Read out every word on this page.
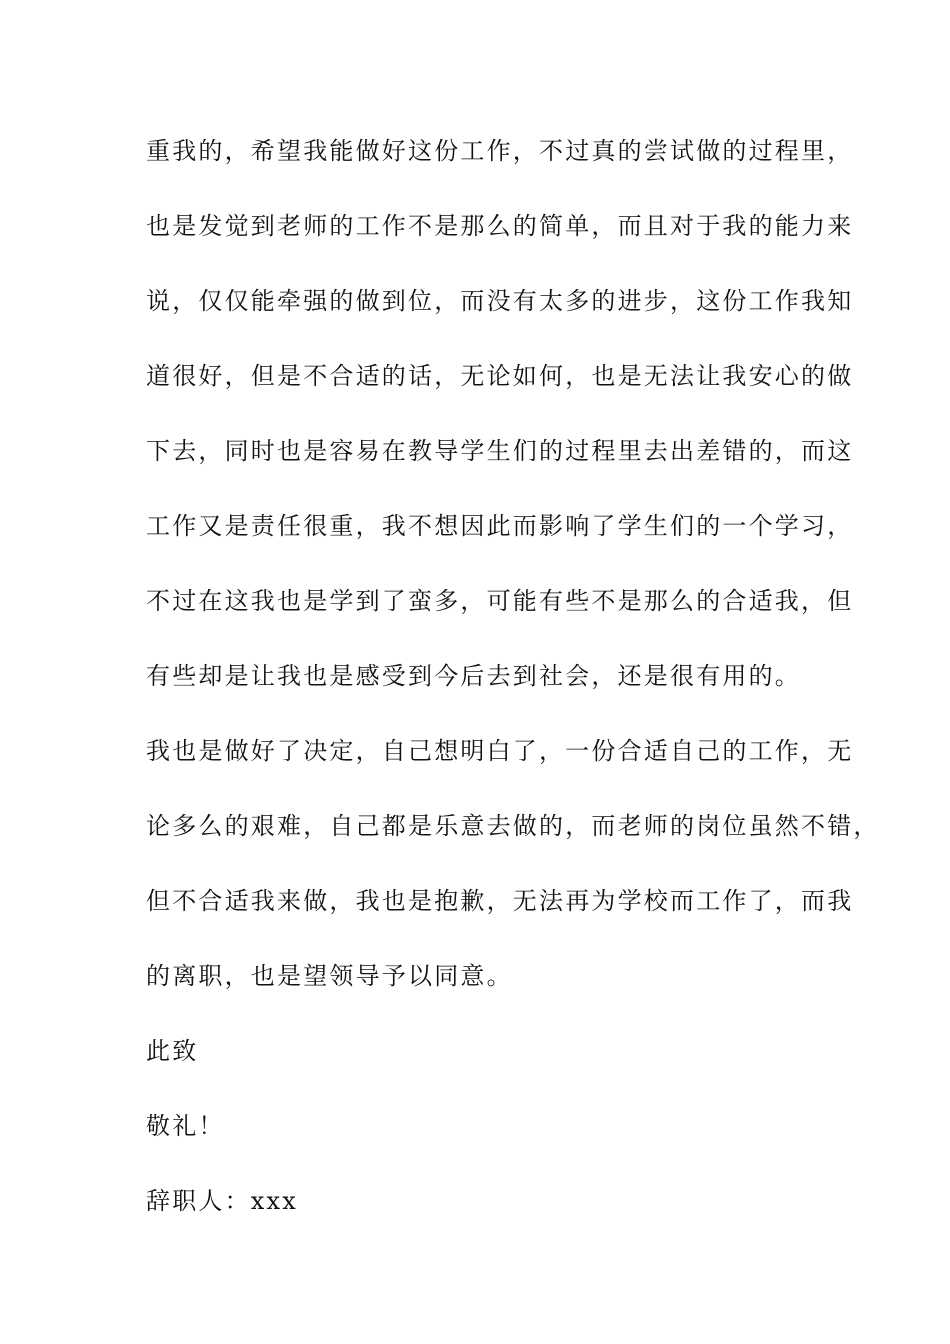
重我的，希望我能做好这份工作，不过真的尝试做的过程里，

也是发觉到老师的工作不是那么的简单，而且对于我的能力来

说，仅仅能牵强的做到位，而没有太多的进步，这份工作我知

道很好，但是不合适的话，无论如何，也是无法让我安心的做

下去，同时也是容易在教导学生们的过程里去出差错的，而这

工作又是责任很重，我不想因此而影响了学生们的一个学习，

不过在这我也是学到了蛮多，可能有些不是那么的合适我，但

有些却是让我也是感受到今后去到社会，还是很有用的。

我也是做好了决定，自己想明白了，一份合适自己的工作，无

论多么的艰难，自己都是乐意去做的，而老师的岗位虽然不错，

但不合适我来做，我也是抱歉，无法再为学校而工作了，而我

的离职，也是望领导予以同意。

此致

敬礼！

辞职人：xxx
